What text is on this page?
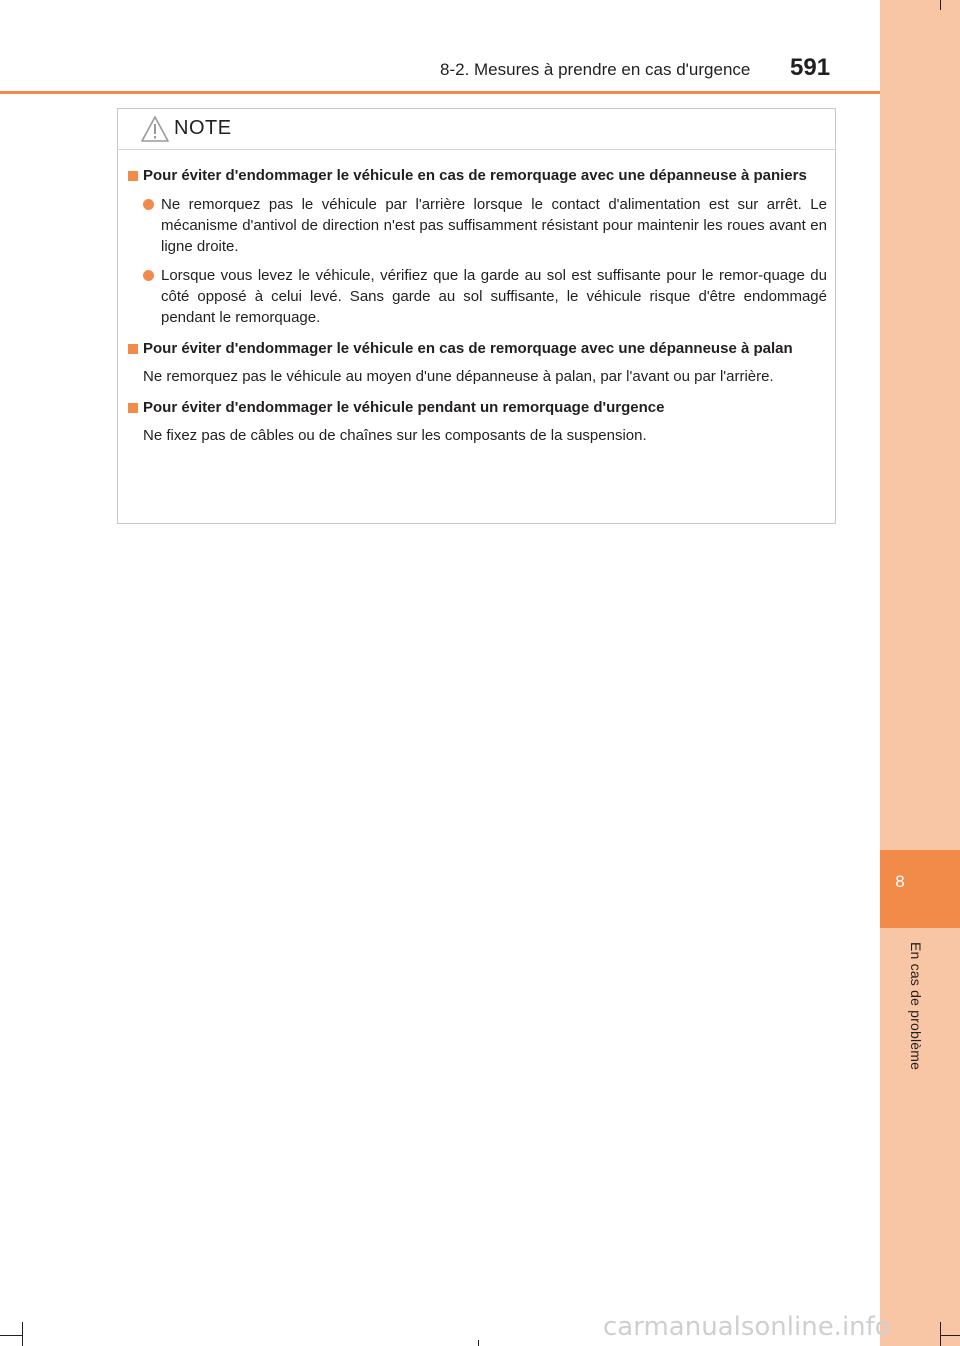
8
En cas de problème
8-2. Mesures à prendre en cas d'urgence 591
NOTE
Pour éviter d'endommager le véhicule en cas de remorquage avec une dépanneuse à paniers
Ne remorquez pas le véhicule par l'arrière lorsque le contact d'alimentation est sur arrêt. Le mécanisme d'antivol de direction n'est pas suffisamment résistant pour maintenir les roues avant en ligne droite.
Lorsque vous levez le véhicule, vérifiez que la garde au sol est suffisante pour le remor-quage du côté opposé à celui levé. Sans garde au sol suffisante, le véhicule risque d'être endommagé pendant le remorquage.
Pour éviter d'endommager le véhicule en cas de remorquage avec une dépanneuse à palan
Ne remorquez pas le véhicule au moyen d'une dépanneuse à palan, par l'avant ou par l'arrière.
Pour éviter d'endommager le véhicule pendant un remorquage d'urgence
Ne fixez pas de câbles ou de chaînes sur les composants de la suspension.
carmanualsonline.info
